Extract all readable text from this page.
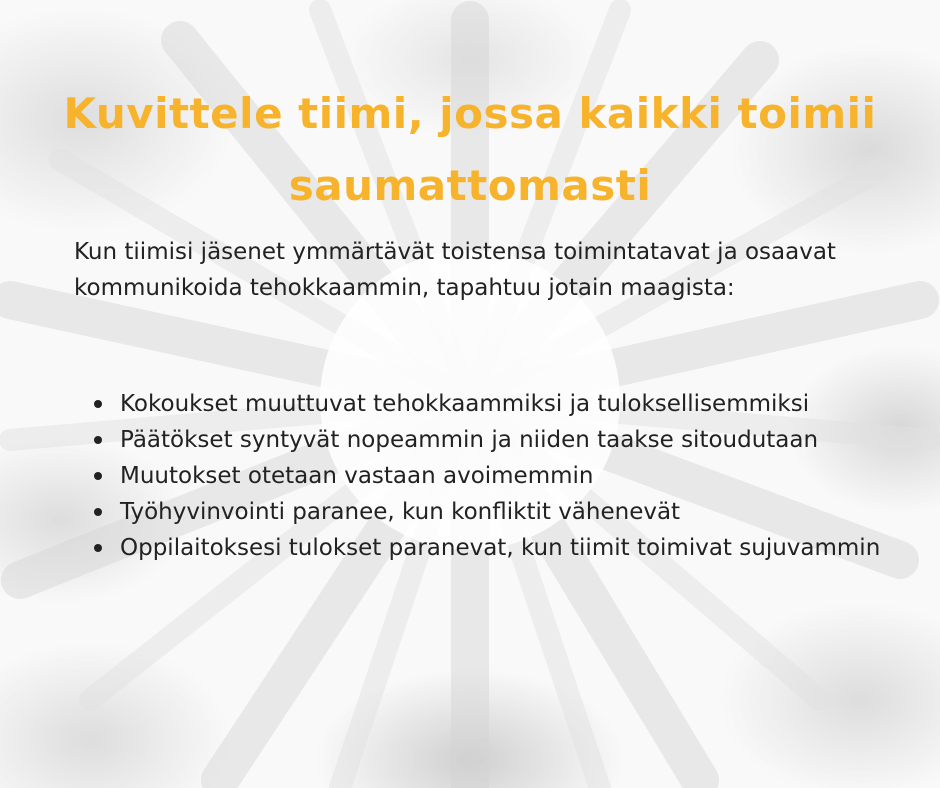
Kuvittele tiimi, jossa kaikki toimii saumattomasti

Kun tiimisi jäsenet ymmärtävät toistensa toimintatavat ja osaavat kommunikoida tehokkaammin, tapahtuu jotain maagista:

Kokoukset muuttuvat tehokkaammiksi ja tuloksellisemmiksi
Päätökset syntyvät nopeammin ja niiden taakse sitoudutaan
Muutokset otetaan vastaan avoimemmin
Työhyvinvointi paranee, kun konfliktit vähenevät
Oppilaitoksesi tulokset paranevat, kun tiimit toimivat sujuvammin
